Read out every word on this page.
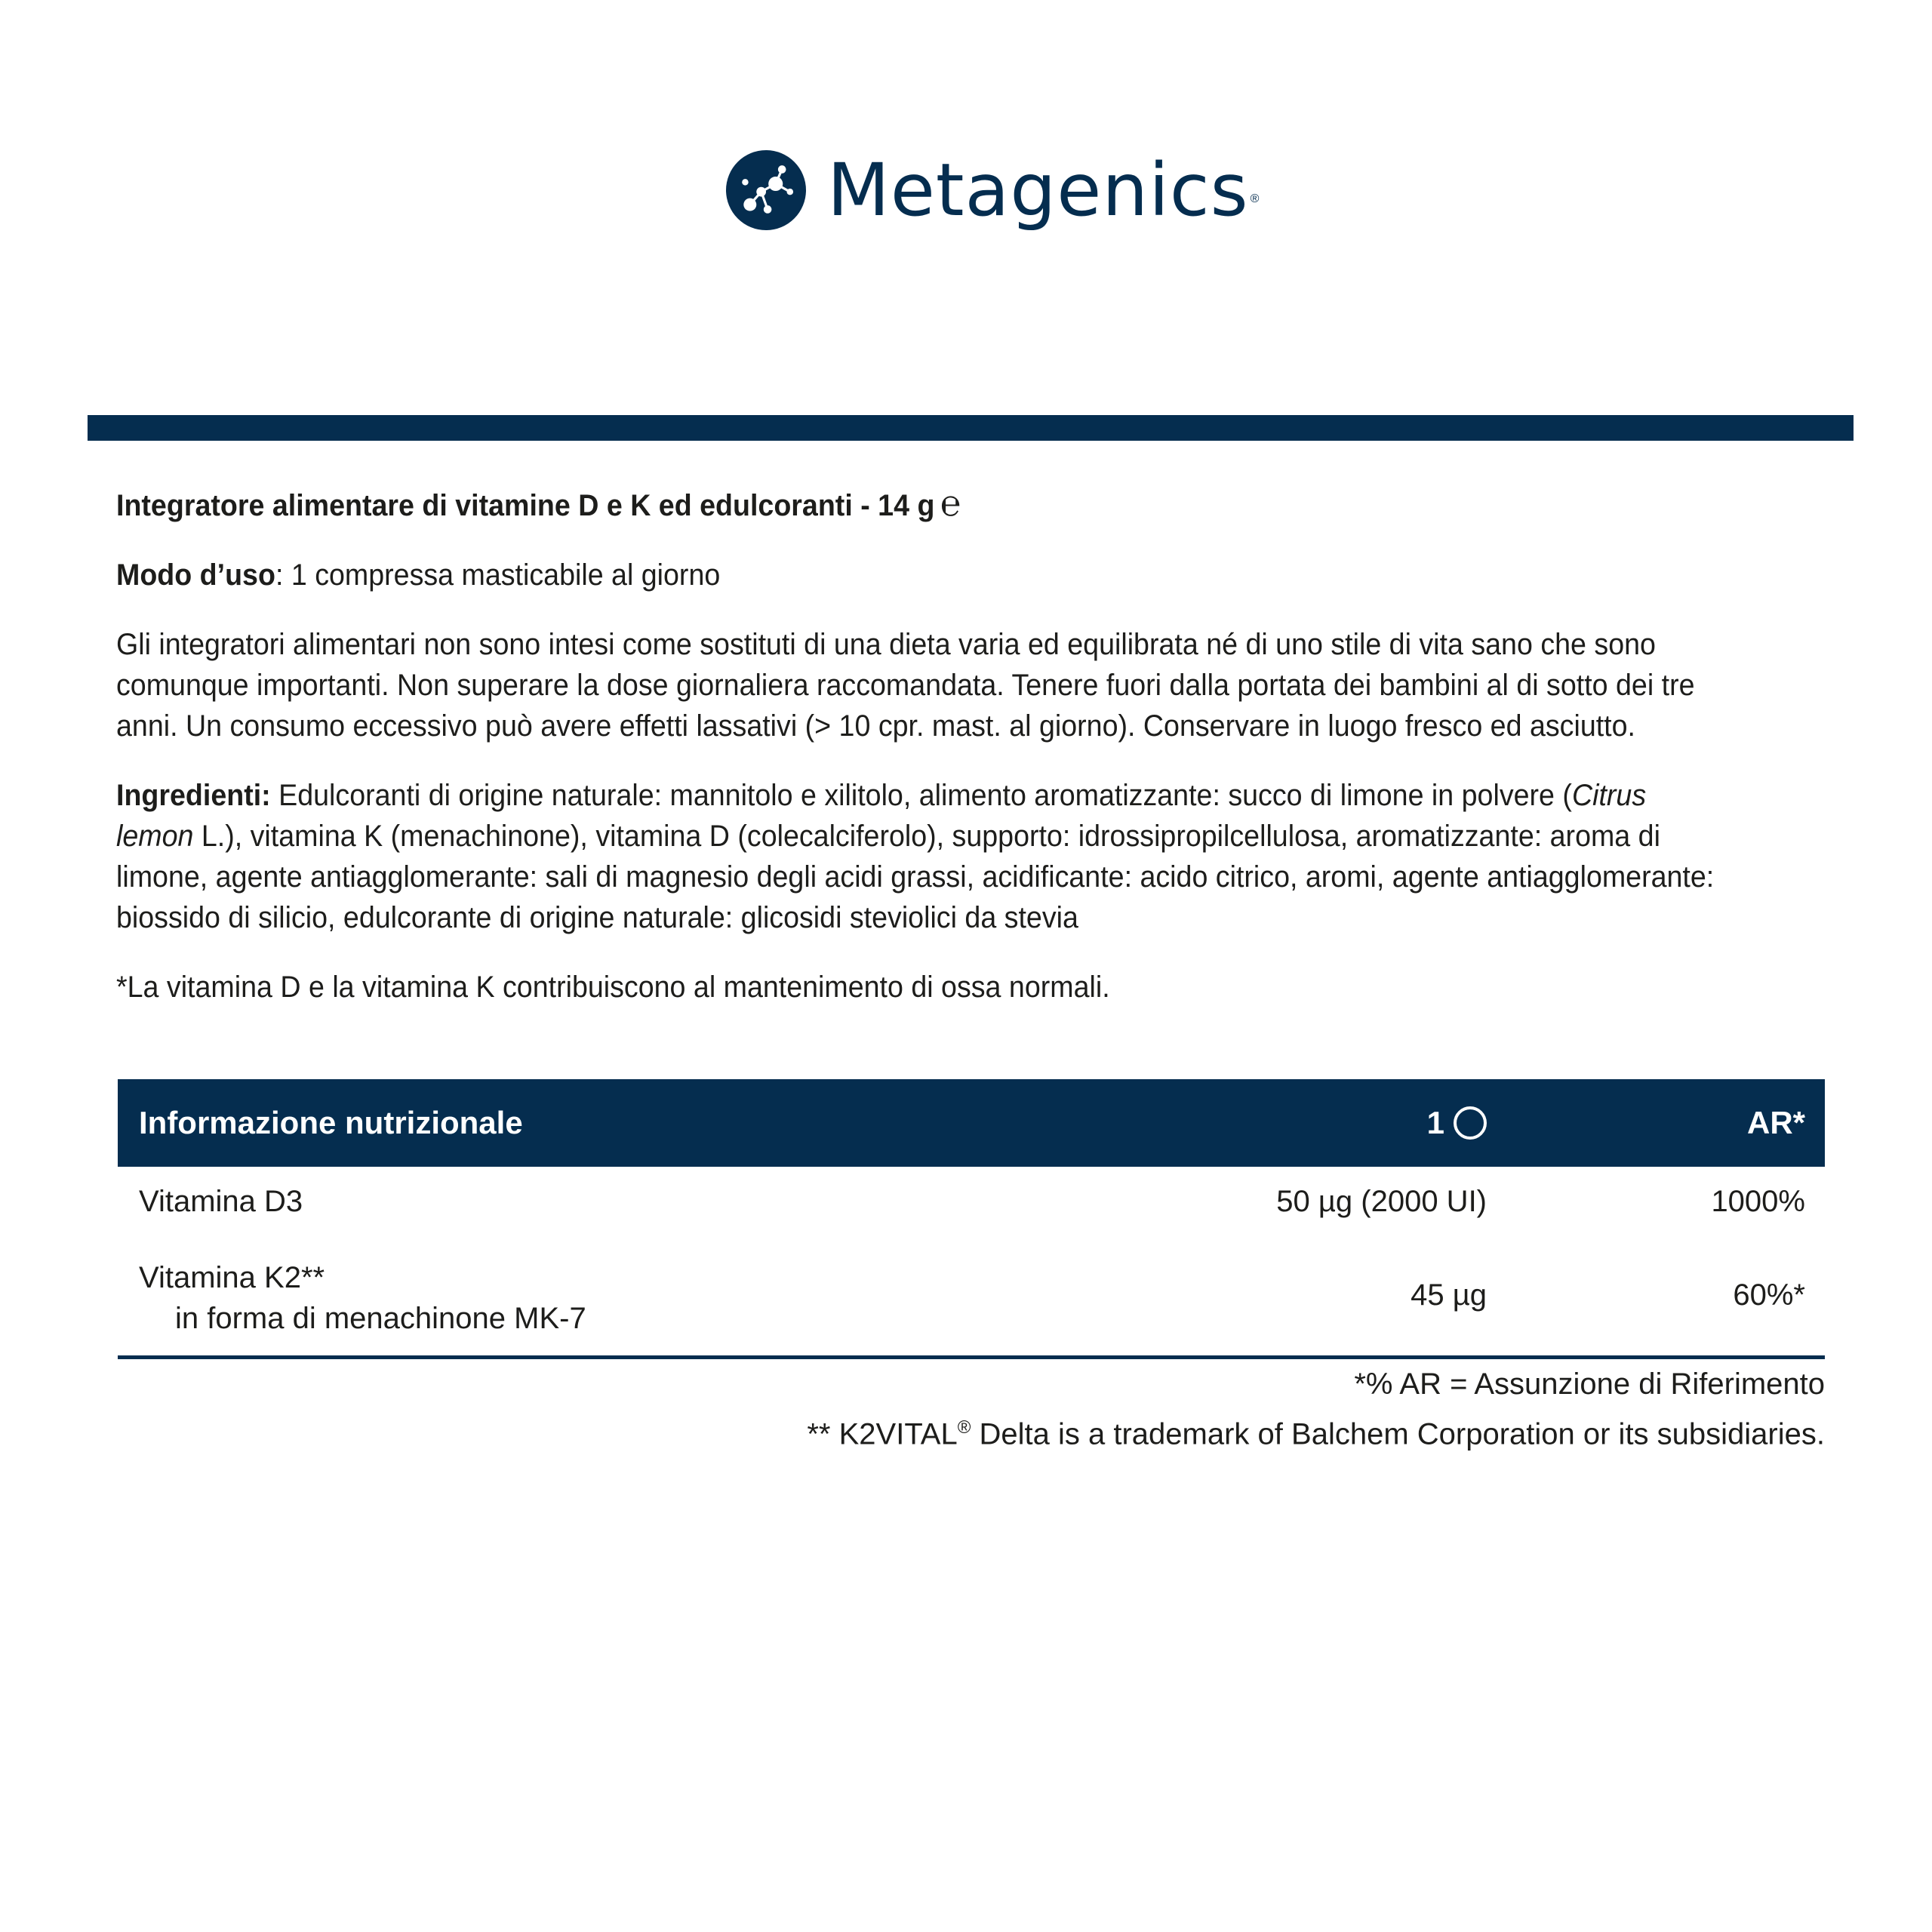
Metagenics ®

Integratore alimentare di vitamine D e K ed edulcoranti - 14 g ℮

Modo d’uso: 1 compressa masticabile al giorno

Gli integratori alimentari non sono intesi come sostituti di una dieta varia ed equilibrata né di uno stile di vita sano che sono comunque importanti. Non superare la dose giornaliera raccomandata. Tenere fuori dalla portata dei bambini al di sotto dei tre anni. Un consumo eccessivo può avere effetti lassativi (> 10 cpr. mast. al giorno). Conservare in luogo fresco ed asciutto.

Ingredienti: Edulcoranti di origine naturale: mannitolo e xilitolo, alimento aromatizzante: succo di limone in polvere (Citrus lemon L.), vitamina K (menachinone), vitamina D (colecalciferolo), supporto: idrossipropilcellulosa, aromatizzante: aroma di limone, agente antiagglomerante: sali di magnesio degli acidi grassi, acidificante: acido citrico, aromi, agente antiagglomerante: biossido di silicio, edulcorante di origine naturale: glicosidi steviolici da stevia

*La vitamina D e la vitamina K contribuiscono al mantenimento di ossa normali.

Informazione nutrizionale	1	AR*
Vitamina D3	50 µg (2000 UI)	1000%
Vitamina K2**
in forma di menachinone MK-7
45 µg	60%*
*% AR = Assunzione di Riferimento
** K2VITAL® Delta is a trademark of Balchem Corporation or its subsidiaries.
